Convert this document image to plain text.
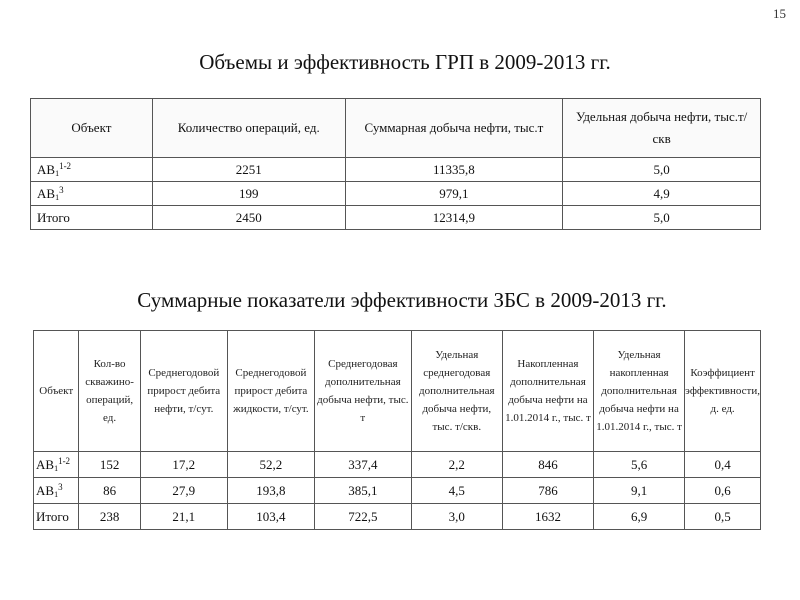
15
Объемы и эффективность ГРП в 2009-2013 гг.
Объект	Количество операций, ед.	Суммарная добыча нефти, тыс.т	Удельная добыча нефти, тыс.т/скв
$АВ_1^{1-2}$	2251	11335,8	5,0
$АВ_1^3$	199	979,1	4,9
Итого	2450	12314,9	5,0
Суммарные показатели эффективности ЗБС в 2009-2013 гг.
Объект	Кол-во скважино-операций, ед.	Среднегодовой прирост дебита нефти, т/сут.	Среднегодовой прирост дебита жидкости, т/сут.	Среднегодовая дополнительная добыча нефти, тыс. т	Удельная среднегодовая дополнительная добыча нефти, тыс. т/скв.	Накопленная дополнительная добыча нефти на 1.01.2014 г., тыс. т	Удельная накопленная дополнительная добыча нефти на 1.01.2014 г., тыс. т	Коэффициент эффективности, д. ед.
$АВ_1^{1-2}$	152	17,2	52,2	337,4	2,2	846	5,6	0,4
$АВ_1^3$	86	27,9	193,8	385,1	4,5	786	9,1	0,6
Итого	238	21,1	103,4	722,5	3,0	1632	6,9	0,5
